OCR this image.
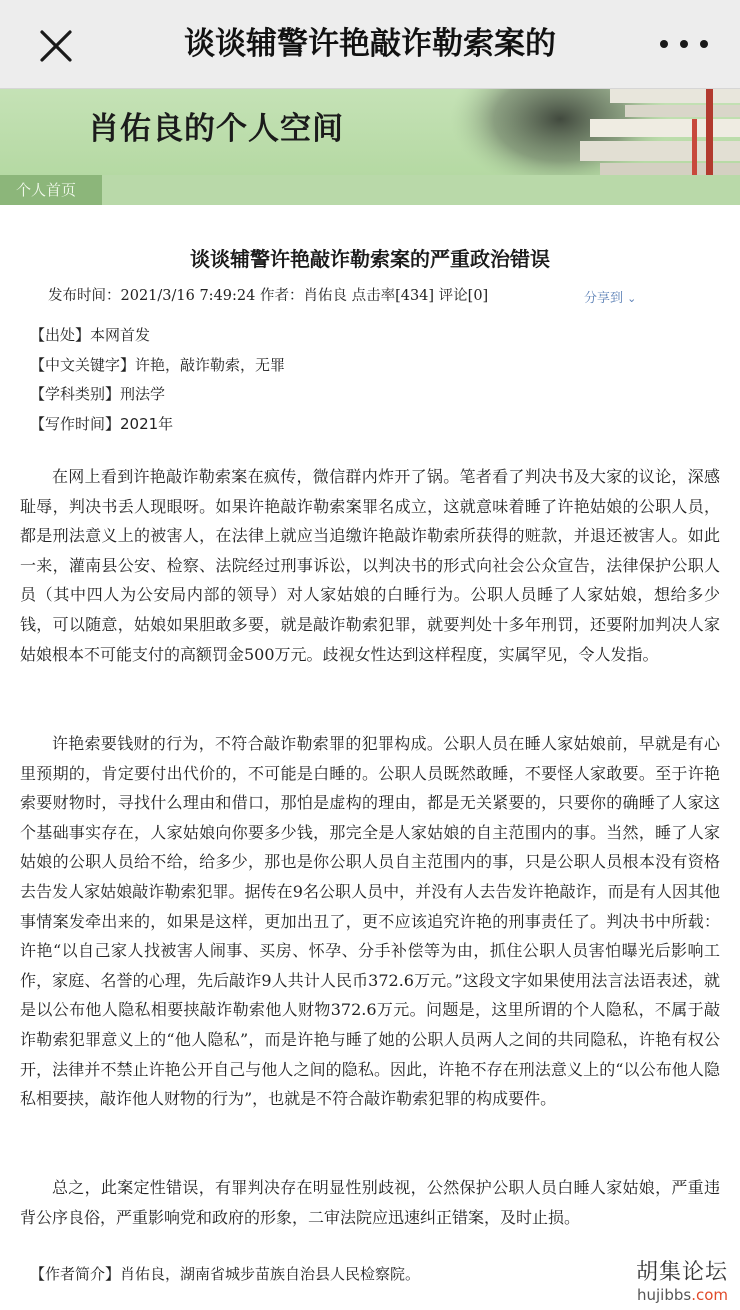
谈谈辅警许艳敲诈勒索案的
肖佑良的个人空间
个人首页
谈谈辅警许艳敲诈勒索案的严重政治错误
发布时间：2021/3/16 7:49:24 作者：肖佑良 点击率[434] 评论[0]	分享到 ⌄
【出处】本网首发
【中文关键字】许艳，敲诈勒索，无罪
【学科类别】刑法学
【写作时间】2021年

在网上看到许艳敲诈勒索案在疯传，微信群内炸开了锅。笔者看了判决书及大家的议论，深感耻辱，判决书丢人现眼呀。如果许艳敲诈勒索案罪名成立，这就意味着睡了许艳姑娘的公职人员，都是刑法意义上的被害人，在法律上就应当追缴许艳敲诈勒索所获得的赃款，并退还被害人。如此一来，灌南县公安、检察、法院经过刑事诉讼，以判决书的形式向社会公众宣告，法律保护公职人员（其中四人为公安局内部的领导）对人家姑娘的白睡行为。公职人员睡了人家姑娘，想给多少钱，可以随意，姑娘如果胆敢多要，就是敲诈勒索犯罪，就要判处十多年刑罚，还要附加判决人家姑娘根本不可能支付的高额罚金500万元。歧视女性达到这样程度，实属罕见，令人发指。

许艳索要钱财的行为，不符合敲诈勒索罪的犯罪构成。公职人员在睡人家姑娘前，早就是有心里预期的，肯定要付出代价的，不可能是白睡的。公职人员既然敢睡，不要怪人家敢要。至于许艳索要财物时，寻找什么理由和借口，那怕是虚构的理由，都是无关紧要的，只要你的确睡了人家这个基础事实存在，人家姑娘向你要多少钱，那完全是人家姑娘的自主范围内的事。当然，睡了人家姑娘的公职人员给不给，给多少，那也是你公职人员自主范围内的事，只是公职人员根本没有资格去告发人家姑娘敲诈勒索犯罪。据传在9名公职人员中，并没有人去告发许艳敲诈，而是有人因其他事情案发牵出来的，如果是这样，更加出丑了，更不应该追究许艳的刑事责任了。判决书中所载：许艳“以自己家人找被害人闹事、买房、怀孕、分手补偿等为由，抓住公职人员害怕曝光后影响工作，家庭、名誉的心理，先后敲诈9人共计人民币372.6万元。”这段文字如果使用法言法语表述，就是以公布他人隐私相要挟敲诈勒索他人财物372.6万元。问题是，这里所谓的个人隐私，不属于敲诈勒索犯罪意义上的“他人隐私”，而是许艳与睡了她的公职人员两人之间的共同隐私，许艳有权公开，法律并不禁止许艳公开自己与他人之间的隐私。因此，许艳不存在刑法意义上的“以公布他人隐私相要挟，敲诈他人财物的行为”，也就是不符合敲诈勒索犯罪的构成要件。

总之，此案定性错误，有罪判决存在明显性别歧视，公然保护公职人员白睡人家姑娘，严重违背公序良俗，严重影响党和政府的形象，二审法院应迅速纠正错案，及时止损。

【作者简介】肖佑良，湖南省城步苗族自治县人民检察院。	胡集论坛
hujibbs.com
